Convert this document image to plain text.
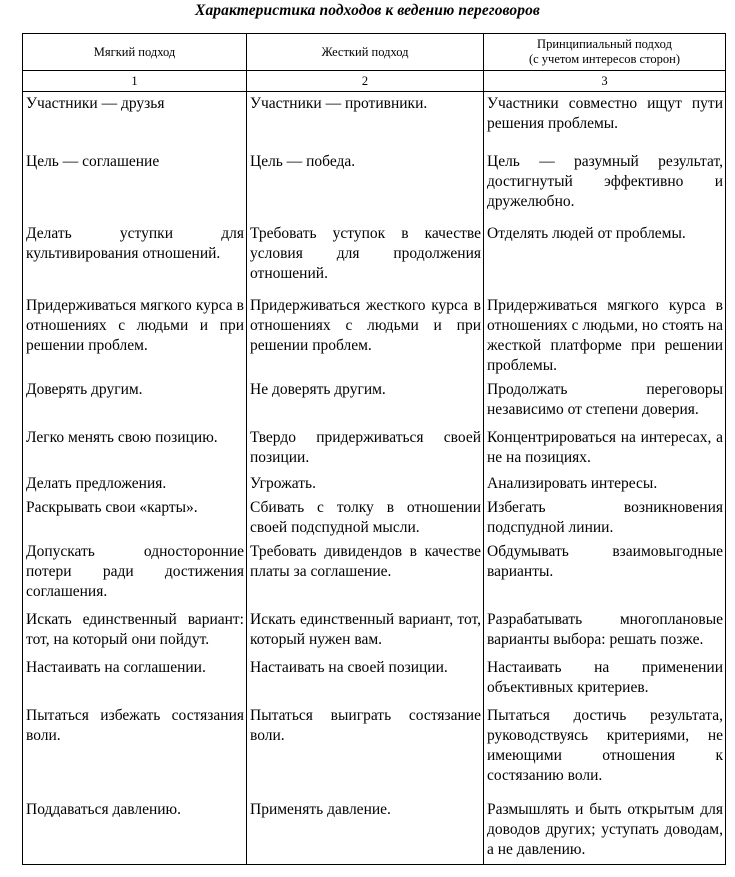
Характеристика подходов к ведению переговоров
Мягкий подход	Жесткий подход	Принципиальный подход
(с учетом интересов сторон)
1	2	3

Участники — друзья	Участники — противники.	Участники совместно ищут пути решения проблемы.

Цель — соглашение	Цель — победа.	Цель — разумный результат, достигнутый эффективно и дружелюбно.

Делать уступки для культивирования отношений.	Требовать уступок в качестве условия для продолжения отношений.	Отделять людей от проблемы.

Придерживаться мягкого курса в отношениях с людьми и при решении проблем.	Придерживаться жесткого курса в отношениях с людьми и при решении проблем.	Придерживаться мягкого курса в отношениях с людьми, но стоять на жесткой платформе при решении проблемы.

Доверять другим.	Не доверять другим.	Продолжать переговоры независимо от степени доверия.

Легко менять свою позицию.	Твердо придерживаться своей позиции.	Концентрироваться на интересах, а не на позициях.

Делать предложения.	Угрожать.	Анализировать интересы.

Раскрывать свои «карты».	Сбивать с толку в отношении своей подспудной мысли.	Избегать возникновения подспудной линии.

Допускать односторонние потери ради достижения соглашения.	Требовать дивидендов в качестве платы за соглашение.	Обдумывать взаимовыгодные варианты.

Искать единственный вариант: тот, на который они пойдут.	Искать единственный вариант, тот, который нужен вам.	Разрабатывать многоплановые варианты выбора: решать позже.

Настаивать на соглашении.	Настаивать на своей позиции.	Настаивать на применении объективных критериев.

Пытаться избежать состязания воли.	Пытаться выиграть состязание воли.	Пытаться достичь результата, руководствуясь критериями, не имеющими отношения к состязанию воли.

Поддаваться давлению.	Применять давление.	Размышлять и быть открытым для доводов других; уступать доводам, а не давлению.
